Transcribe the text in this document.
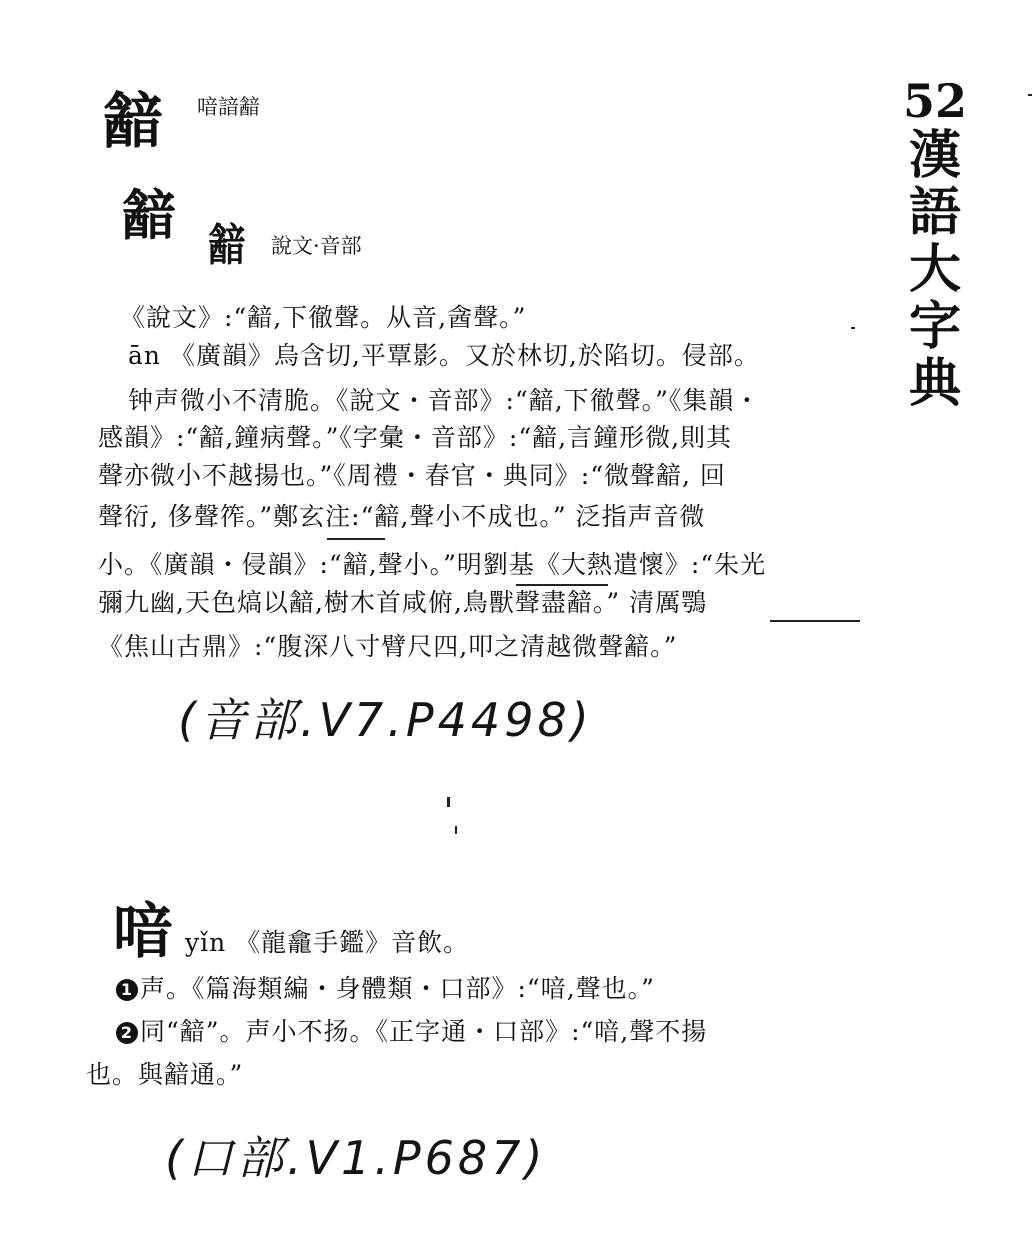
52
漢
語
大
字
典
韽 喑諳韽
韽 韽 說文·音部
《說文》:“韽,下徹聲。从音,酓聲。”
ān 《廣韻》烏含切,平覃影。又於林切,於陷切。侵部。
钟声微小不清脆。《說文・音部》:“韽,下徹聲。”《集韻・
感韻》:“韽,鐘病聲。”《字彙・音部》:“韽,言鐘形微,則其
聲亦微小不越揚也。”《周禮・春官・典同》:“微聲韽, 回
聲衍, 侈聲筰。”鄭玄注:“韽,聲小不成也。” 泛指声音微
小。《廣韻・侵韻》:“韽,聲小。”明劉基《大熱遣懷》:“朱光
彌九幽,天色熇以韽,樹木首咸俯,鳥獸聲盡韽。” 清厲鶚
《焦山古鼎》:“腹深八寸臂尺四,叩之清越微聲韽。”
(音部.V7.P4498)
喑 yǐn 《龍龕手鑑》音飲。
1 声。《篇海類編・身體類・口部》:“喑,聲也。”
2 同“韽”。声小不扬。《正字通・口部》:“喑,聲不揚
也。與韽通。”
(口部.V1.P687)
